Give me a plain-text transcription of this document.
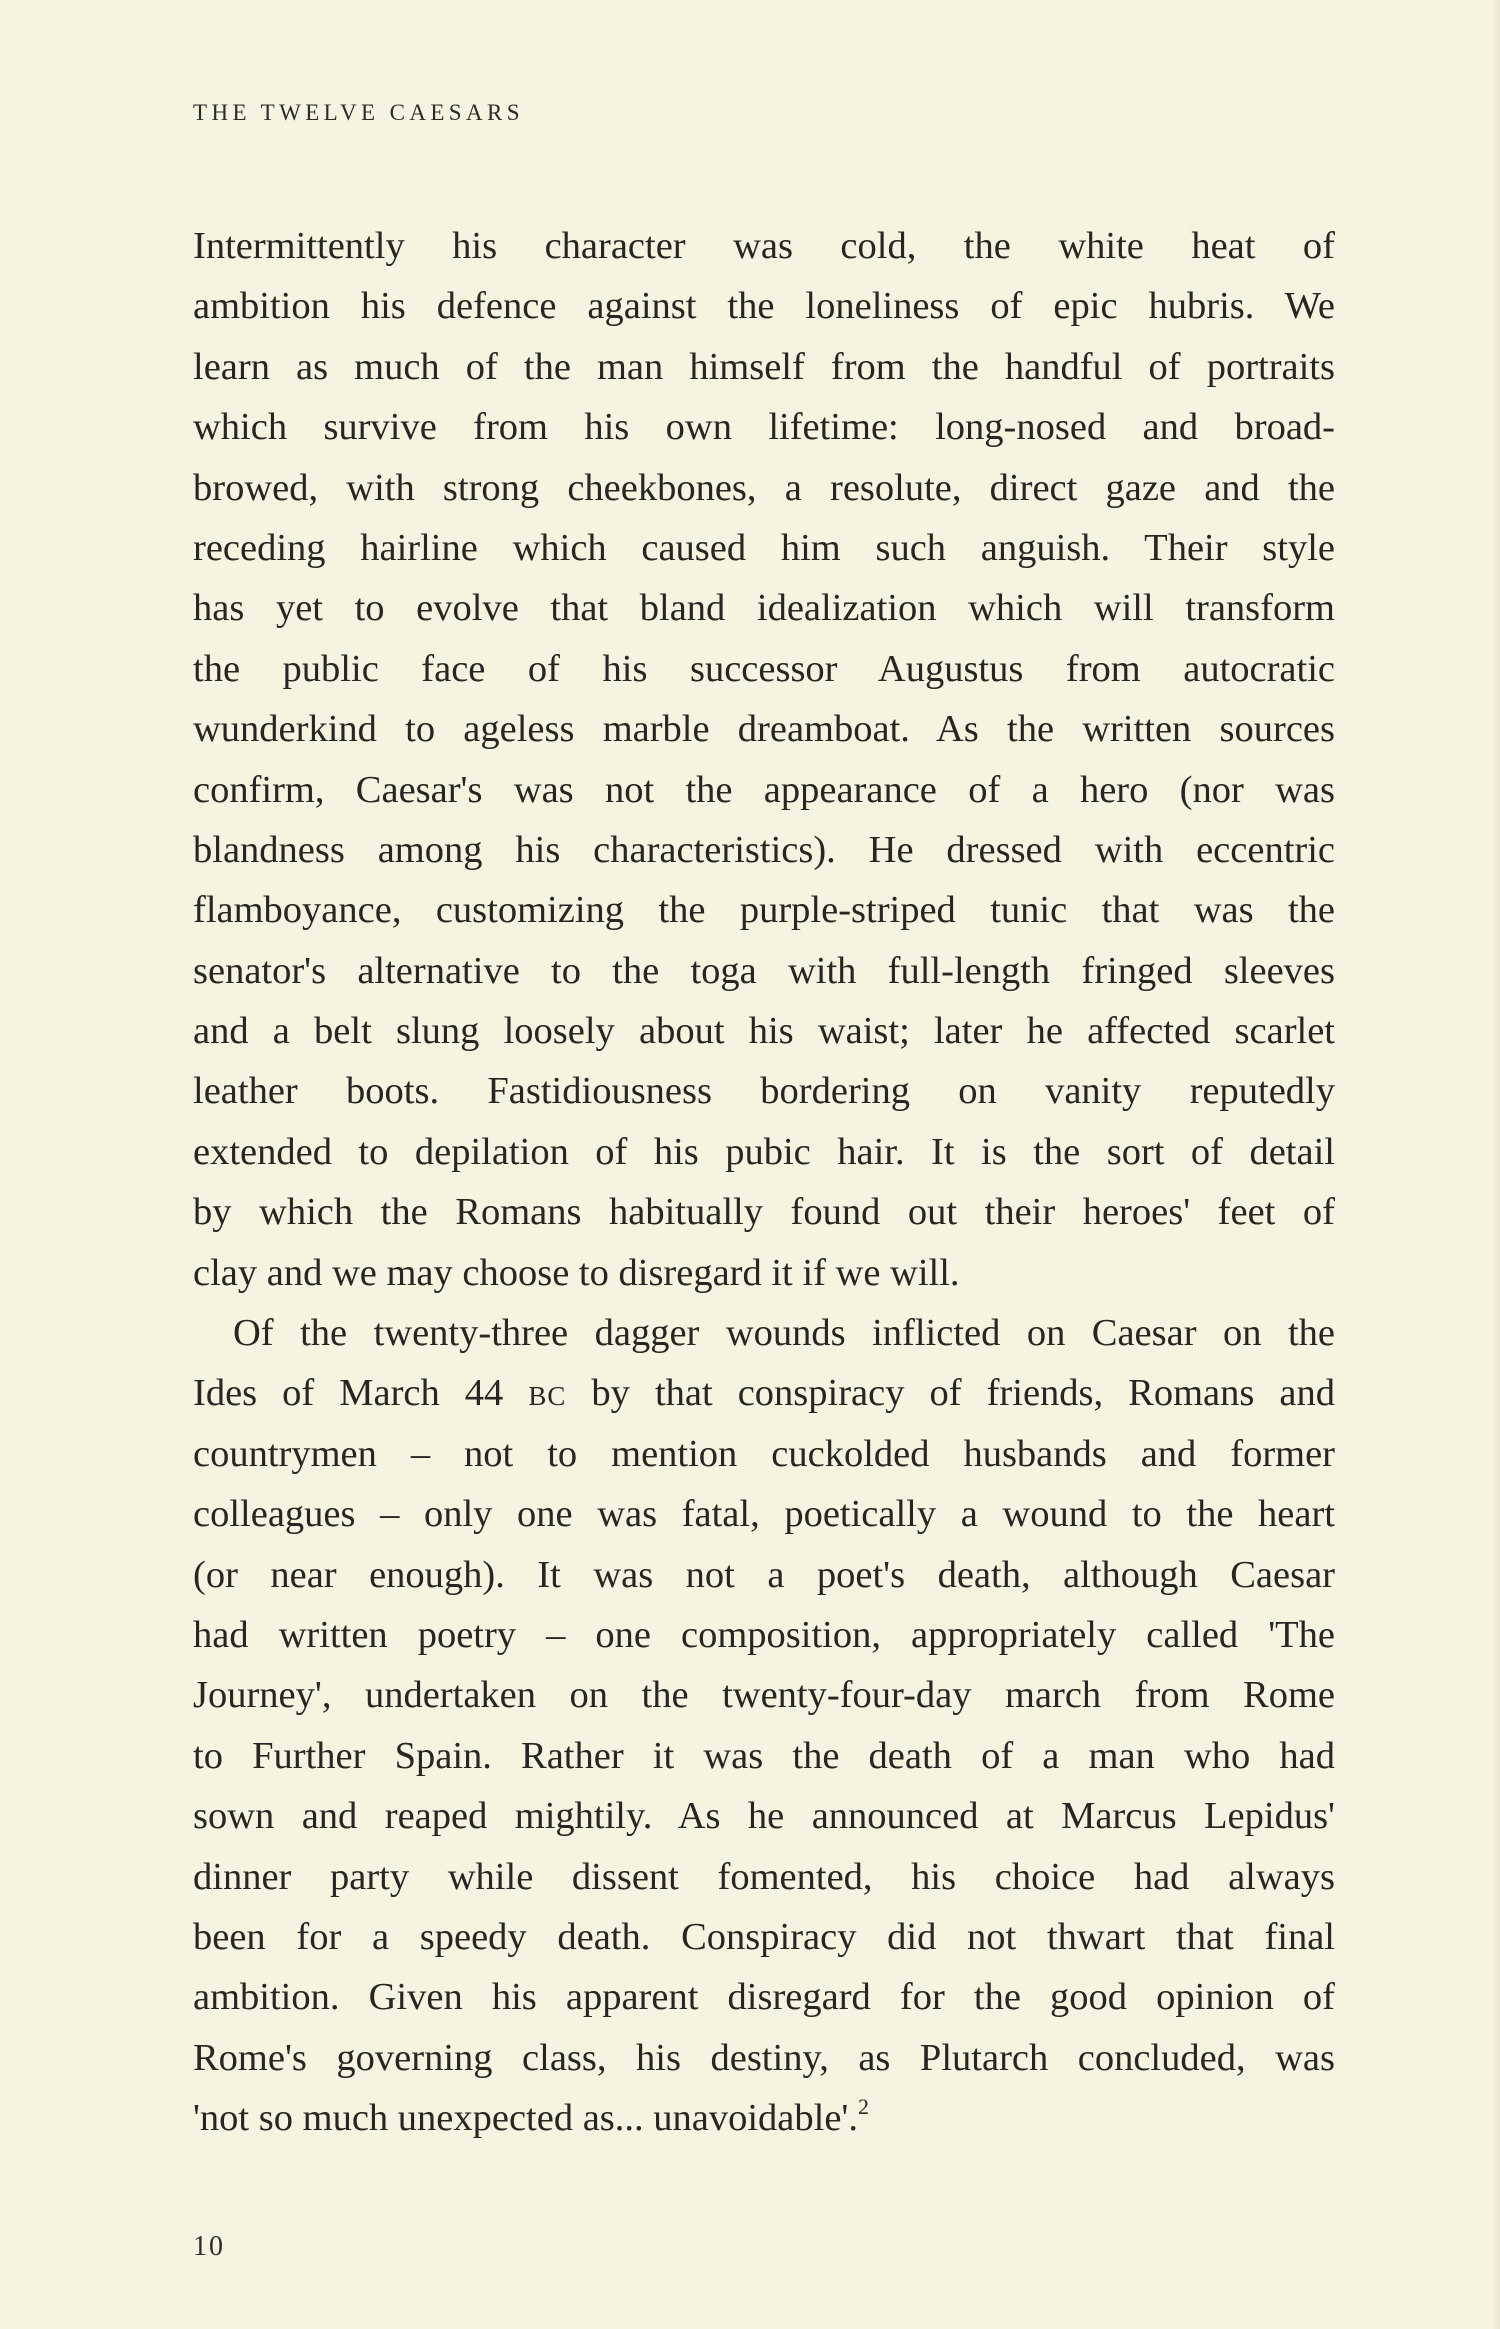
THE TWELVE CAESARS

Intermittently his character was cold, the white heat of
ambition his defence against the loneliness of epic hubris. We
learn as much of the man himself from the handful of portraits
which survive from his own lifetime: long-nosed and broad-
browed, with strong cheekbones, a resolute, direct gaze and the
receding hairline which caused him such anguish. Their style
has yet to evolve that bland idealization which will transform
the public face of his successor Augustus from autocratic
wunderkind to ageless marble dreamboat. As the written sources
confirm, Caesar's was not the appearance of a hero (nor was
blandness among his characteristics). He dressed with eccentric
flamboyance, customizing the purple-striped tunic that was the
senator's alternative to the toga with full-length fringed sleeves
and a belt slung loosely about his waist; later he affected scarlet
leather boots. Fastidiousness bordering on vanity reputedly
extended to depilation of his pubic hair. It is the sort of detail
by which the Romans habitually found out their heroes' feet of
clay and we may choose to disregard it if we will.

Of the twenty-three dagger wounds inflicted on Caesar on the
Ides of March 44 BC by that conspiracy of friends, Romans and
countrymen – not to mention cuckolded husbands and former
colleagues – only one was fatal, poetically a wound to the heart
(or near enough). It was not a poet's death, although Caesar
had written poetry – one composition, appropriately called 'The
Journey', undertaken on the twenty-four-day march from Rome
to Further Spain. Rather it was the death of a man who had
sown and reaped mightily. As he announced at Marcus Lepidus'
dinner party while dissent fomented, his choice had always
been for a speedy death. Conspiracy did not thwart that final
ambition. Given his apparent disregard for the good opinion of
Rome's governing class, his destiny, as Plutarch concluded, was
'not so much unexpected as... unavoidable'.$^2$

10
